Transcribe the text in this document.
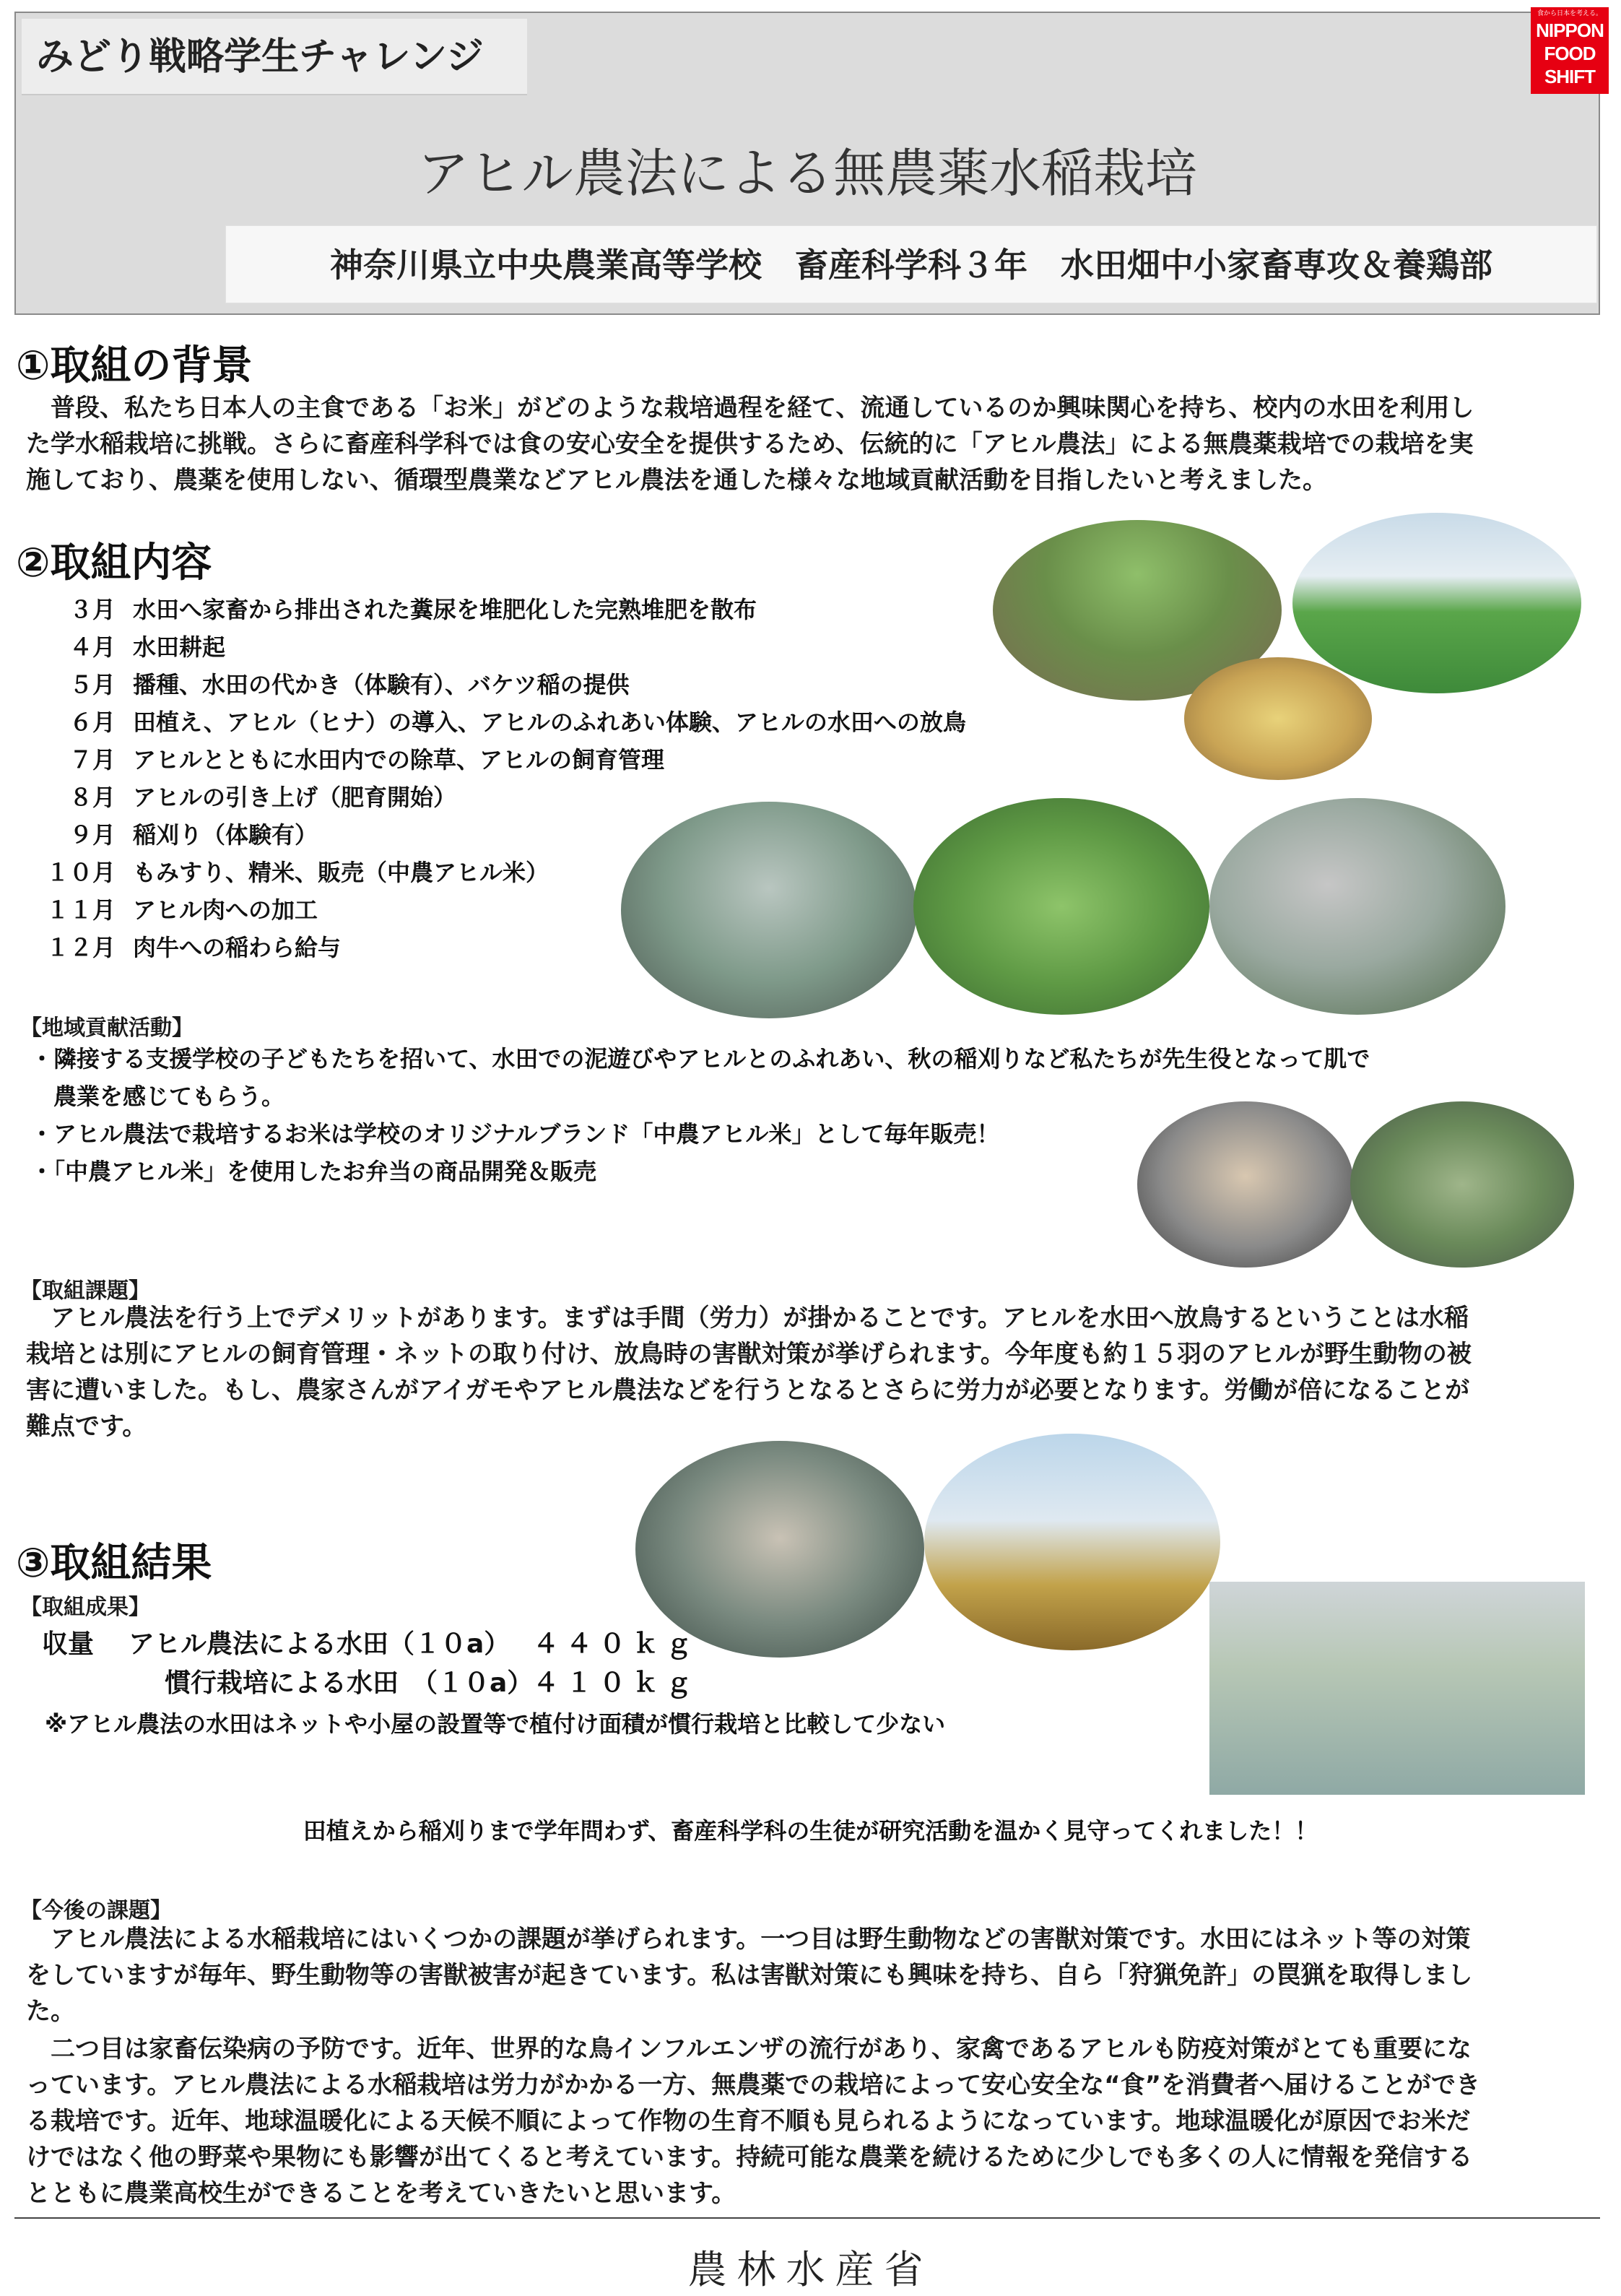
みどり戦略学生チャレンジ
アヒル農法による無農薬水稲栽培
神奈川県立中央農業高等学校　畜産科学科３年　水田畑中小家畜専攻＆養鶏部
食から日本を考える。
NIPPON
FOOD
SHIFT
①取組の背景
　普段、私たち日本人の主食である「お米」がどのような栽培過程を経て、流通しているのか興味関心を持ち、校内の水田を利用し
た学水稲栽培に挑戦。さらに畜産科学科では食の安心安全を提供するため、伝統的に「アヒル農法」による無農薬栽培での栽培を実
施しており、農薬を使用しない、循環型農業などアヒル農法を通した様々な地域貢献活動を目指したいと考えました。
②取組内容
３月 水田へ家畜から排出された糞尿を堆肥化した完熟堆肥を散布
４月 水田耕起
５月 播種、水田の代かき（体験有）、バケツ稲の提供
６月 田植え、アヒル（ヒナ）の導入、アヒルのふれあい体験、アヒルの水田への放鳥
７月 アヒルとともに水田内での除草、アヒルの飼育管理
８月 アヒルの引き上げ（肥育開始）
９月 稲刈り（体験有）
１０月 もみすり、精米、販売（中農アヒル米）
１１月 アヒル肉への加工
１２月 肉牛への稲わら給与
【地域貢献活動】
・隣接する支援学校の子どもたちを招いて、水田での泥遊びやアヒルとのふれあい、秋の稲刈りなど私たちが先生役となって肌で
　農業を感じてもらう。
・アヒル農法で栽培するお米は学校のオリジナルブランド「中農アヒル米」として毎年販売！
・「中農アヒル米」を使用したお弁当の商品開発＆販売
【取組課題】
　アヒル農法を行う上でデメリットがあります。まずは手間（労力）が掛かることです。アヒルを水田へ放鳥するということは水稲
栽培とは別にアヒルの飼育管理・ネットの取り付け、放鳥時の害獣対策が挙げられます。今年度も約１５羽のアヒルが野生動物の被
害に遭いました。もし、農家さんがアイガモやアヒル農法などを行うとなるとさらに労力が必要となります。労働が倍になることが
難点です。
③取組結果
【取組成果】
収量	アヒル農法による水田（１０a） ４４０ｋｇ
慣行栽培による水田　（１０a） ４１０ｋｇ
※アヒル農法の水田はネットや小屋の設置等で植付け面積が慣行栽培と比較して少ない
田植えから稲刈りまで学年問わず、畜産科学科の生徒が研究活動を温かく見守ってくれました！！
【今後の課題】
　アヒル農法による水稲栽培にはいくつかの課題が挙げられます。一つ目は野生動物などの害獣対策です。水田にはネット等の対策
をしていますが毎年、野生動物等の害獣被害が起きています。私は害獣対策にも興味を持ち、自ら「狩猟免許」の罠猟を取得しまし
た。
　二つ目は家畜伝染病の予防です。近年、世界的な鳥インフルエンザの流行があり、家禽であるアヒルも防疫対策がとても重要にな
っています。アヒル農法による水稲栽培は労力がかかる一方、無農薬での栽培によって安心安全な“食”を消費者へ届けることができ
る栽培です。近年、地球温暖化による天候不順によって作物の生育不順も見られるようになっています。地球温暖化が原因でお米だ
けではなく他の野菜や果物にも影響が出てくると考えています。持続可能な農業を続けるために少しでも多くの人に情報を発信する
とともに農業高校生ができることを考えていきたいと思います。
農林水産省
